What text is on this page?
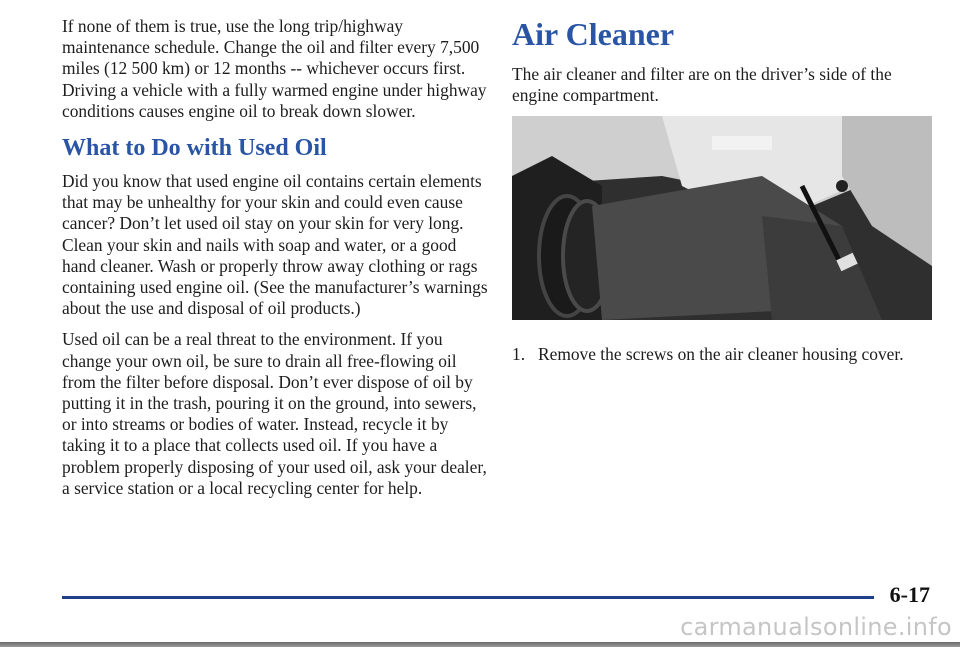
If none of them is true, use the long trip/highway maintenance schedule. Change the oil and filter every 7,500 miles (12 500 km) or 12 months -- whichever occurs first. Driving a vehicle with a fully warmed engine under highway conditions causes engine oil to break down slower.

What to Do with Used Oil

Did you know that used engine oil contains certain elements that may be unhealthy for your skin and could even cause cancer? Don’t let used oil stay on your skin for very long. Clean your skin and nails with soap and water, or a good hand cleaner. Wash or properly throw away clothing or rags containing used engine oil. (See the manufacturer’s warnings about the use and disposal of oil products.)

Used oil can be a real threat to the environment. If you change your own oil, be sure to drain all free-flowing oil from the filter before disposal. Don’t ever dispose of oil by putting it in the trash, pouring it on the ground, into sewers, or into streams or bodies of water. Instead, recycle it by taking it to a place that collects used oil. If you have a problem properly disposing of your used oil, ask your dealer, a service station or a local recycling center for help.

Air Cleaner

The air cleaner and filter are on the driver’s side of the engine compartment.

1. Remove the screws on the air cleaner housing cover.
6-17
carmanualsonline.info
